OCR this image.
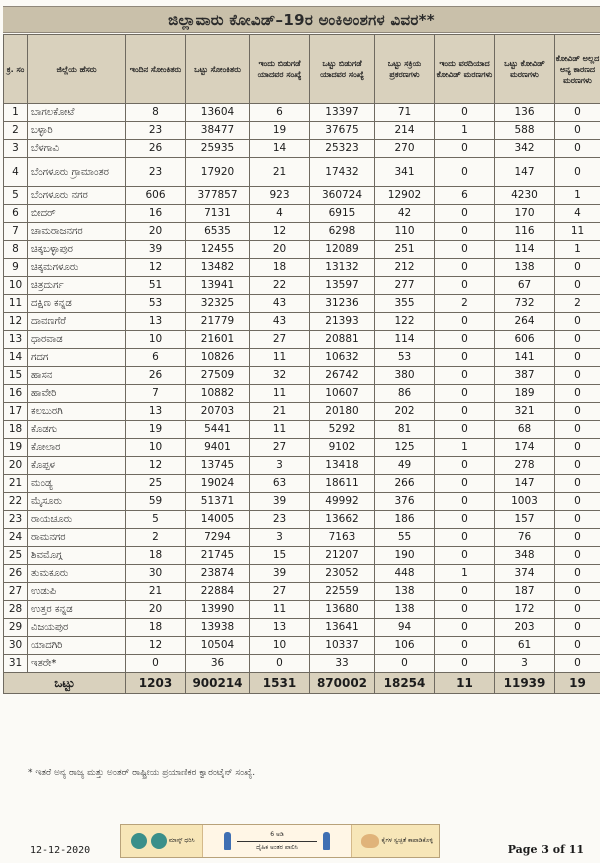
ಜಿಲ್ಲಾವಾರು ಕೋವಿಡ್–19ರ ಅಂಕಿಅಂಶಗಳ ವಿವರ**
ಕ್ರ. ಸಂ	ಜಿಲ್ಲೆಯ ಹೆಸರು	ಇಂದಿನ ಸೋಂಕಿತರು	ಒಟ್ಟು ಸೋಂಕಿತರು	ಇಂದು ಬಿಡುಗಡೆ ಯಾದವರ ಸಂಖ್ಯೆ	ಒಟ್ಟು ಬಿಡುಗಡೆ ಯಾದವರ ಸಂಖ್ಯೆ	ಒಟ್ಟು ಸಕ್ರಿಯ ಪ್ರಕರಣಗಳು	ಇಂದು ವರದಿಯಾದ ಕೋವಿಡ್ ಮರಣಗಳು	ಒಟ್ಟು ಕೋವಿಡ್ ಮರಣಗಳು	ಕೋವಿಡ್ ಅಲ್ಲದ ಅನ್ಯ ಕಾರಣದ ಮರಣಗಳು
1	ಬಾಗಲಕೋಟೆ	8	13604	6	13397	71	0	136	0
2	ಬಳ್ಳಾರಿ	23	38477	19	37675	214	1	588	0
3	ಬೆಳಗಾವಿ	26	25935	14	25323	270	0	342	0
4	ಬೆಂಗಳೂರು ಗ್ರಾಮಾಂತರ	23	17920	21	17432	341	0	147	0
5	ಬೆಂಗಳೂರು ನಗರ	606	377857	923	360724	12902	6	4230	1
6	ಬೀದರ್	16	7131	4	6915	42	0	170	4
7	ಚಾಮರಾಜನಗರ	20	6535	12	6298	110	0	116	11
8	ಚಿಕ್ಕಬಳ್ಳಾಪುರ	39	12455	20	12089	251	0	114	1
9	ಚಿಕ್ಕಮಗಳೂರು	12	13482	18	13132	212	0	138	0
10	ಚಿತ್ರದುರ್ಗ	51	13941	22	13597	277	0	67	0
11	ದಕ್ಷಿಣ ಕನ್ನಡ	53	32325	43	31236	355	2	732	2
12	ದಾವಣಗೆರೆ	13	21779	43	21393	122	0	264	0
13	ಧಾರವಾಡ	10	21601	27	20881	114	0	606	0
14	ಗದಗ	6	10826	11	10632	53	0	141	0
15	ಹಾಸನ	26	27509	32	26742	380	0	387	0
16	ಹಾವೇರಿ	7	10882	11	10607	86	0	189	0
17	ಕಲಬುರಗಿ	13	20703	21	20180	202	0	321	0
18	ಕೊಡಗು	19	5441	11	5292	81	0	68	0
19	ಕೋಲಾರ	10	9401	27	9102	125	1	174	0
20	ಕೊಪ್ಪಳ	12	13745	3	13418	49	0	278	0
21	ಮಂಡ್ಯ	25	19024	63	18611	266	0	147	0
22	ಮೈಸೂರು	59	51371	39	49992	376	0	1003	0
23	ರಾಯಚೂರು	5	14005	23	13662	186	0	157	0
24	ರಾಮನಗರ	2	7294	3	7163	55	0	76	0
25	ಶಿವಮೊಗ್ಗ	18	21745	15	21207	190	0	348	0
26	ತುಮಕೂರು	30	23874	39	23052	448	1	374	0
27	ಉಡುಪಿ	21	22884	27	22559	138	0	187	0
28	ಉತ್ತರ ಕನ್ನಡ	20	13990	11	13680	138	0	172	0
29	ವಿಜಯಪುರ	18	13938	13	13641	94	0	203	0
30	ಯಾದಗಿರಿ	12	10504	10	10337	106	0	61	0
31	ಇತರೇ*	0	36	0	33	0	0	3	0
ಒಟ್ಟು		1203	900214	1531	870002	18254	11	11939	19
* ಇತರೆ ಅನ್ಯ ರಾಜ್ಯ ಮತ್ತು ಅಂತರ್ ರಾಷ್ಟ್ರೀಯ ಪ್ರಯಾಣಿಕರ ಕ್ವಾರಂಟೈನ್ ಸಂಖ್ಯೆ.
ಮಾಸ್ಕ್ ಧರಿಸಿ
6 ಅಡಿ
ದೈಹಿಕ ಅಂತರ ಪಾಲಿಸಿ
ಕೈಗಳ ಸ್ವಚ್ಛತೆ ಕಾಪಾಡಿಕೊಳ್ಳಿ
12-12-2020	Page 3 of 11
